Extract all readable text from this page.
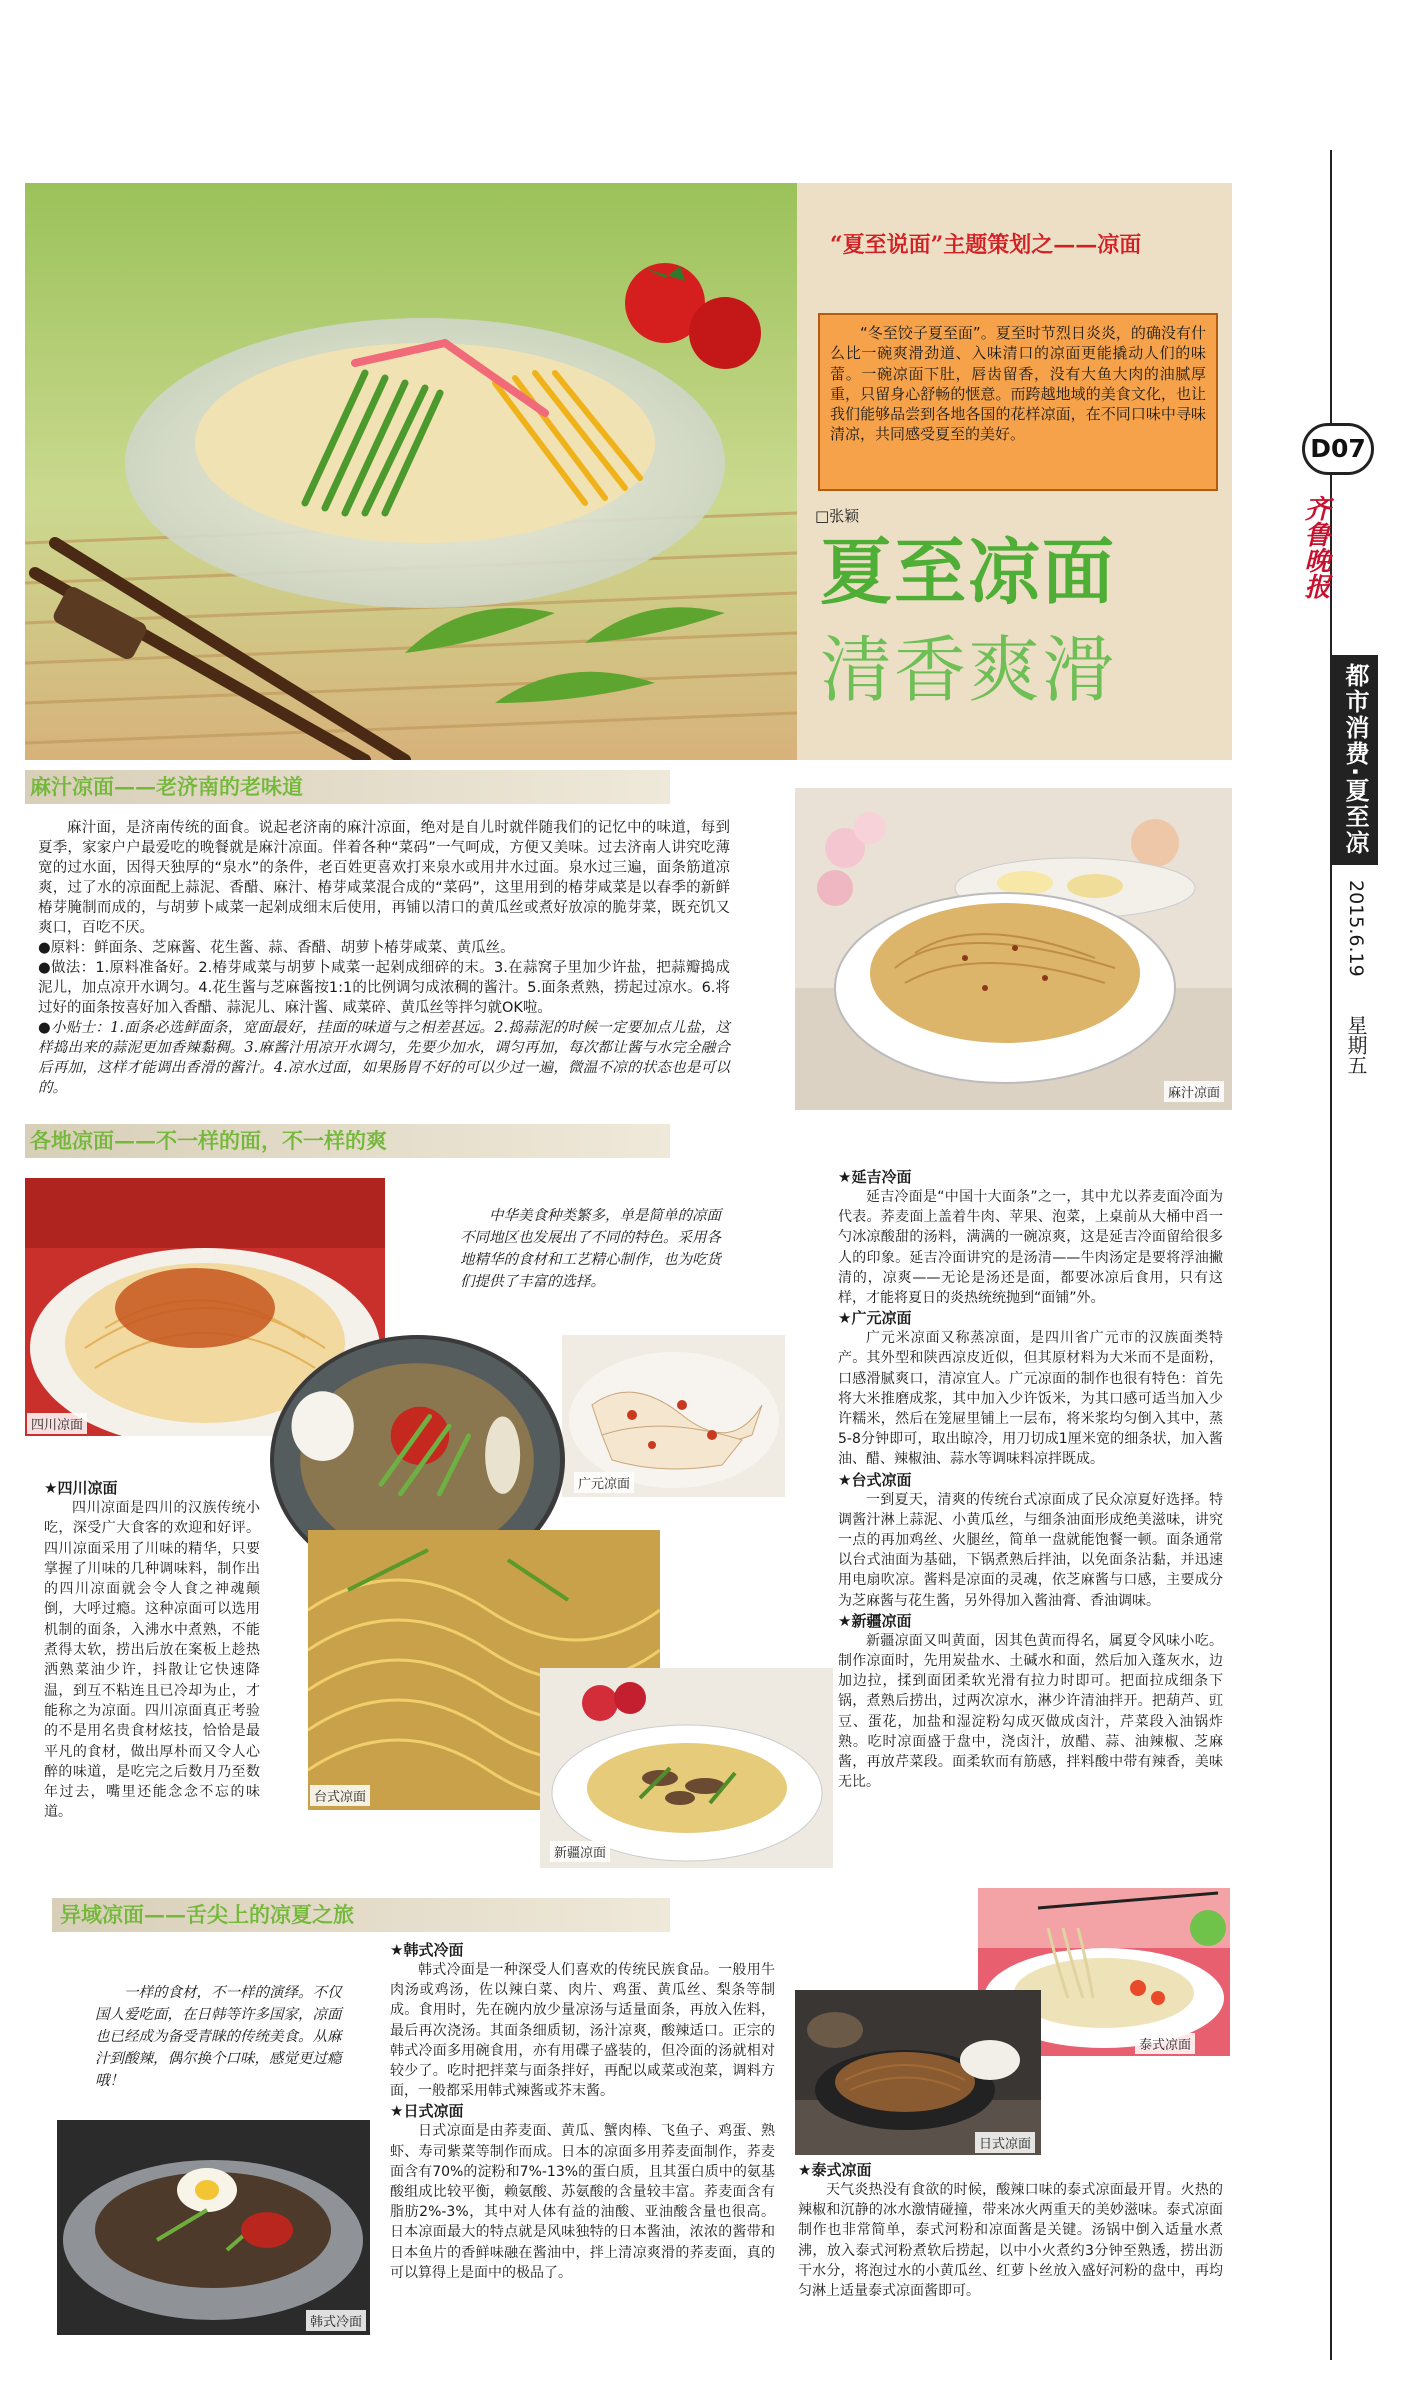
D07
齐鲁晚报
都市消费·夏至凉面
2015.6.19
星期五
“夏至说面”主题策划之——凉面

“冬至饺子夏至面”。夏至时节烈日炎炎，的确没有什么比一碗爽滑劲道、入味清口的凉面更能撬动人们的味蕾。一碗凉面下肚，唇齿留香，没有大鱼大肉的油腻厚重，只留身心舒畅的惬意。而跨越地域的美食文化，也让我们能够品尝到各地各国的花样凉面，在不同口味中寻味清凉，共同感受夏至的美好。

□张颖
夏至凉面
清香爽滑
麻汁凉面——老济南的老味道

麻汁面，是济南传统的面食。说起老济南的麻汁凉面，绝对是自儿时就伴随我们的记忆中的味道，每到夏季，家家户户最爱吃的晚餐就是麻汁凉面。伴着各种“菜码”一气呵成，方便又美味。过去济南人讲究吃薄宽的过水面，因得天独厚的“泉水”的条件，老百姓更喜欢打来泉水或用井水过面。泉水过三遍，面条筋道凉爽，过了水的凉面配上蒜泥、香醋、麻汁、椿芽咸菜混合成的“菜码”，这里用到的椿芽咸菜是以春季的新鲜椿芽腌制而成的，与胡萝卜咸菜一起剁成细末后使用，再铺以清口的黄瓜丝或煮好放凉的脆芽菜，既充饥又爽口，百吃不厌。

●原料：鲜面条、芝麻酱、花生酱、蒜、香醋、胡萝卜椿芽咸菜、黄瓜丝。

●做法：1.原料准备好。2.椿芽咸菜与胡萝卜咸菜一起剁成细碎的末。3.在蒜窝子里加少许盐，把蒜瓣捣成泥儿，加点凉开水调匀。4.花生酱与芝麻酱按1:1的比例调匀成浓稠的酱汁。5.面条煮熟，捞起过凉水。6.将过好的面条按喜好加入香醋、蒜泥儿、麻汁酱、咸菜碎、黄瓜丝等拌匀就OK啦。

●小贴士：1.面条必选鲜面条，宽面最好，挂面的味道与之相差甚远。2.捣蒜泥的时候一定要加点儿盐，这样捣出来的蒜泥更加香辣黏稠。3.麻酱汁用凉开水调匀，先要少加水，调匀再加，每次都让酱与水完全融合后再加，这样才能调出香滑的酱汁。4.凉水过面，如果肠胃不好的可以少过一遍，微温不凉的状态也是可以的。	麻汁凉面
各地凉面——不一样的面，不一样的爽
四川凉面

中华美食种类繁多，单是简单的凉面不同地区也发展出了不同的特色。采用各地精华的食材和工艺精心制作，也为吃货们提供了丰富的选择。

广元凉面
台式凉面
新疆凉面
★四川凉面

四川凉面是四川的汉族传统小吃，深受广大食客的欢迎和好评。四川凉面采用了川味的精华，只要掌握了川味的几种调味料，制作出的四川凉面就会令人食之神魂颠倒，大呼过瘾。这种凉面可以选用机制的面条，入沸水中煮熟，不能煮得太软，捞出后放在案板上趁热洒熟菜油少许，抖散让它快速降温，到互不粘连且已冷却为止，才能称之为凉面。四川凉面真正考验的不是用名贵食材炫技，恰恰是最平凡的食材，做出厚朴而又令人心醉的味道，是吃完之后数月乃至数年过去，嘴里还能念念不忘的味道。

★延吉冷面

延吉冷面是“中国十大面条”之一，其中尤以荞麦面冷面为代表。荞麦面上盖着牛肉、苹果、泡菜，上桌前从大桶中舀一勺冰凉酸甜的汤料，满满的一碗凉爽，这是延吉冷面留给很多人的印象。延吉冷面讲究的是汤清——牛肉汤定是要将浮油撇清的，凉爽——无论是汤还是面，都要冰凉后食用，只有这样，才能将夏日的炎热统统抛到“面铺”外。

★广元凉面

广元米凉面又称蒸凉面，是四川省广元市的汉族面类特产。其外型和陕西凉皮近似，但其原材料为大米而不是面粉，口感滑腻爽口，清凉宜人。广元凉面的制作也很有特色：首先将大米推磨成浆，其中加入少许饭米，为其口感可适当加入少许糯米，然后在笼屉里铺上一层布，将米浆均匀倒入其中，蒸5-8分钟即可，取出晾冷，用刀切成1厘米宽的细条状，加入酱油、醋、辣椒油、蒜水等调味料凉拌既成。

★台式凉面

一到夏天，清爽的传统台式凉面成了民众凉夏好选择。特调酱汁淋上蒜泥、小黄瓜丝，与细条油面形成绝美滋味，讲究一点的再加鸡丝、火腿丝，简单一盘就能饱餐一顿。面条通常以台式油面为基础，下锅煮熟后拌油，以免面条沾黏，并迅速用电扇吹凉。酱料是凉面的灵魂，依芝麻酱与口感，主要成分为芝麻酱与花生酱，另外得加入酱油膏、香油调味。

★新疆凉面

新疆凉面又叫黄面，因其色黄而得名，属夏令风味小吃。制作凉面时，先用炭盐水、土碱水和面，然后加入蓬灰水，边加边拉，揉到面团柔软光滑有拉力时即可。把面拉成细条下锅，煮熟后捞出，过两次凉水，淋少许清油拌开。把葫芦、豇豆、蛋花，加盐和湿淀粉勾成灭做成卤汁，芹菜段入油锅炸熟。吃时凉面盛于盘中，浇卤汁，放醋、蒜、油辣椒、芝麻酱，再放芹菜段。面柔软而有筋感，拌料酸中带有辣香，美味无比。

异域凉面——舌尖上的凉夏之旅

一样的食材，不一样的演绎。不仅国人爱吃面，在日韩等许多国家，凉面也已经成为备受青睐的传统美食。从麻汁到酸辣，偶尔换个口味，感觉更过瘾哦！

韩式冷面
★韩式冷面

韩式冷面是一种深受人们喜欢的传统民族食品。一般用牛肉汤或鸡汤，佐以辣白菜、肉片、鸡蛋、黄瓜丝、梨条等制成。食用时，先在碗内放少量凉汤与适量面条，再放入佐料，最后再次浇汤。其面条细质韧，汤汁凉爽，酸辣适口。正宗的韩式冷面多用碗食用，亦有用碟子盛装的，但冷面的汤就相对较少了。吃时把拌菜与面条拌好，再配以咸菜或泡菜，调料方面，一般都采用韩式辣酱或芥末酱。

★日式凉面

日式凉面是由荞麦面、黄瓜、蟹肉棒、飞鱼子、鸡蛋、熟虾、寿司紫菜等制作而成。日本的凉面多用荞麦面制作，荞麦面含有70%的淀粉和7%-13%的蛋白质，且其蛋白质中的氨基酸组成比较平衡，赖氨酸、苏氨酸的含量较丰富。荞麦面含有脂肪2%-3%，其中对人体有益的油酸、亚油酸含量也很高。日本凉面最大的特点就是风味独特的日本酱油，浓浓的酱带和日本鱼片的香鲜味融在酱油中，拌上清凉爽滑的荞麦面，真的可以算得上是面中的极品了。

泰式凉面
日式凉面
★泰式凉面

天气炎热没有食欲的时候，酸辣口味的泰式凉面最开胃。火热的辣椒和沉静的冰水激情碰撞，带来冰火两重天的美妙滋味。泰式凉面制作也非常简单，泰式河粉和凉面酱是关键。汤锅中倒入适量水煮沸，放入泰式河粉煮软后捞起，以中小火煮约3分钟至熟透，捞出沥干水分，将泡过水的小黄瓜丝、红萝卜丝放入盛好河粉的盘中，再均匀淋上适量泰式凉面酱即可。
